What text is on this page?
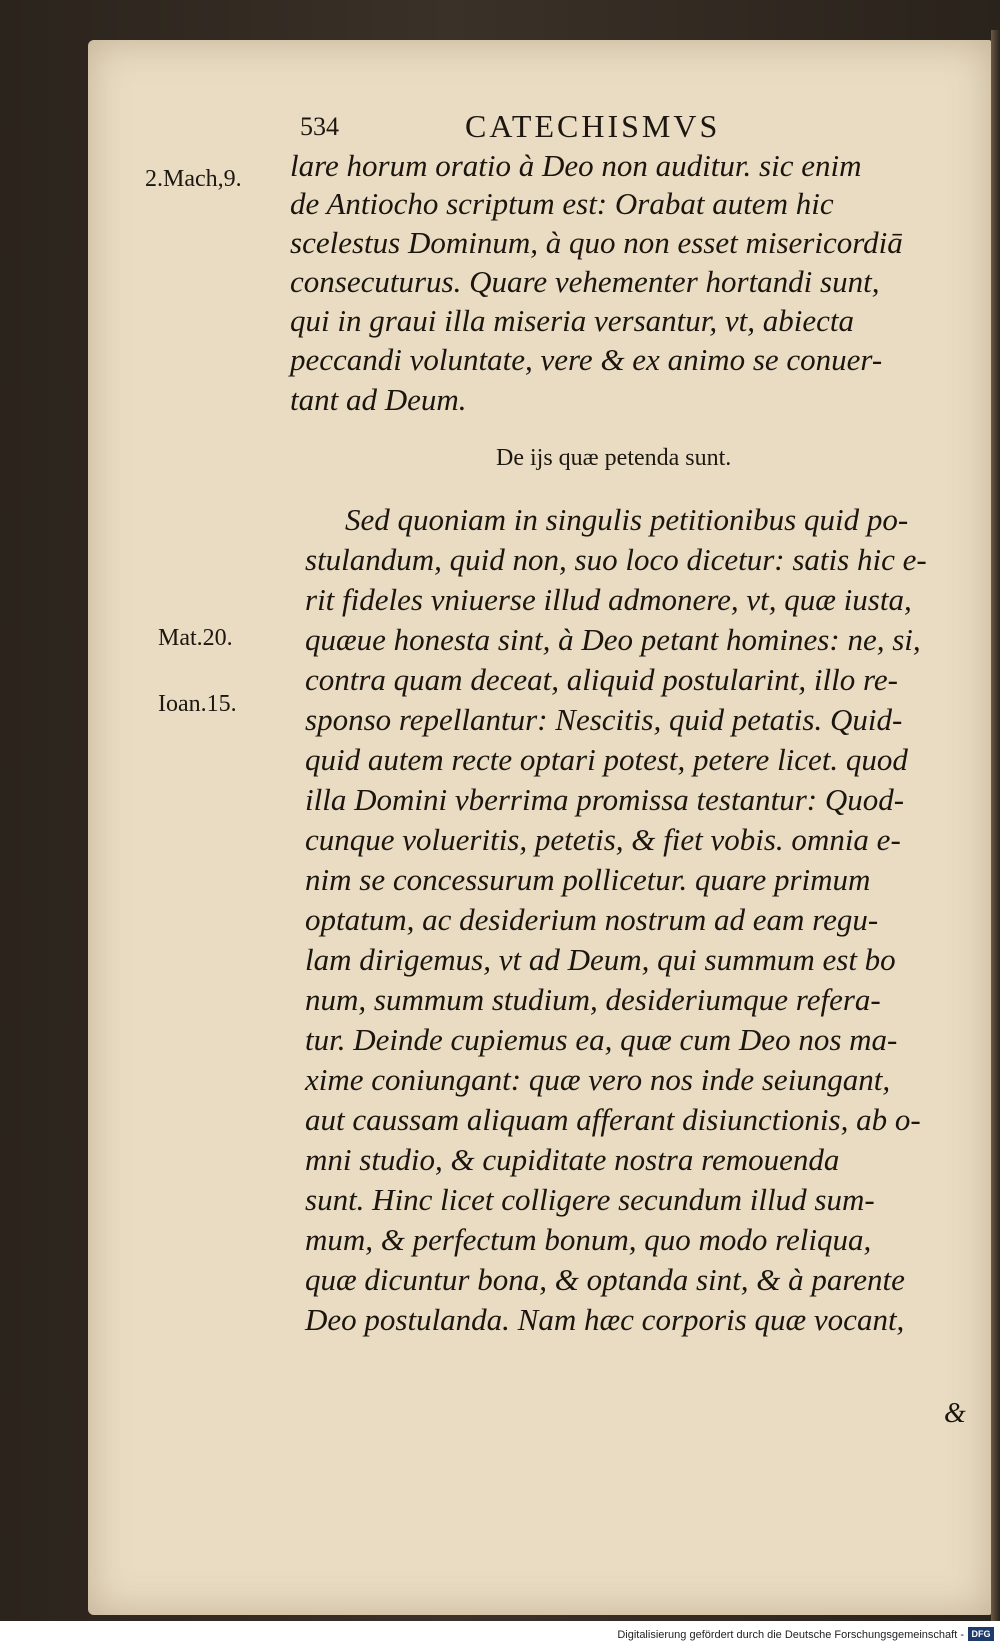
534	CATECHISMVS
2.Mach,9.
Mat.20.
Ioan.15.
lare horum oratio à Deo non auditur. sic enim
de Antiocho scriptum est: Orabat autem hic
scelestus Dominum, à quo non esset misericordiā
consecuturus. Quare vehementer hortandi sunt,
qui in graui illa miseria versantur, vt, abiecta
peccandi voluntate, vere & ex animo se conuer-
tant ad Deum.
De ijs quæ petenda sunt.
Sed quoniam in singulis petitionibus quid po-
stulandum, quid non, suo loco dicetur: satis hic e-
rit fideles vniuerse illud admonere, vt, quæ iusta,
quæue honesta sint, à Deo petant homines: ne, si,
contra quam deceat, aliquid postularint, illo re-
sponso repellantur: Nescitis, quid petatis. Quid-
quid autem recte optari potest, petere licet. quod
illa Domini vberrima promissa testantur: Quod-
cunque volueritis, petetis, & fiet vobis. omnia e-
nim se concessurum pollicetur. quare primum
optatum, ac desiderium nostrum ad eam regu-
lam dirigemus, vt ad Deum, qui summum est bo
num, summum studium, desideriumque refera-
tur. Deinde cupiemus ea, quæ cum Deo nos ma-
xime coniungant: quæ vero nos inde seiungant,
aut caussam aliquam afferant disiunctionis, ab o-
mni studio, & cupiditate nostra remouenda
sunt. Hinc licet colligere secundum illud sum-
mum, & perfectum bonum, quo modo reliqua,
quæ dicuntur bona, & optanda sint, & à parente
Deo postulanda. Nam hæc corporis quæ vocant,
&
Digitalisierung gefördert durch die Deutsche Forschungsgemeinschaft - DFG
